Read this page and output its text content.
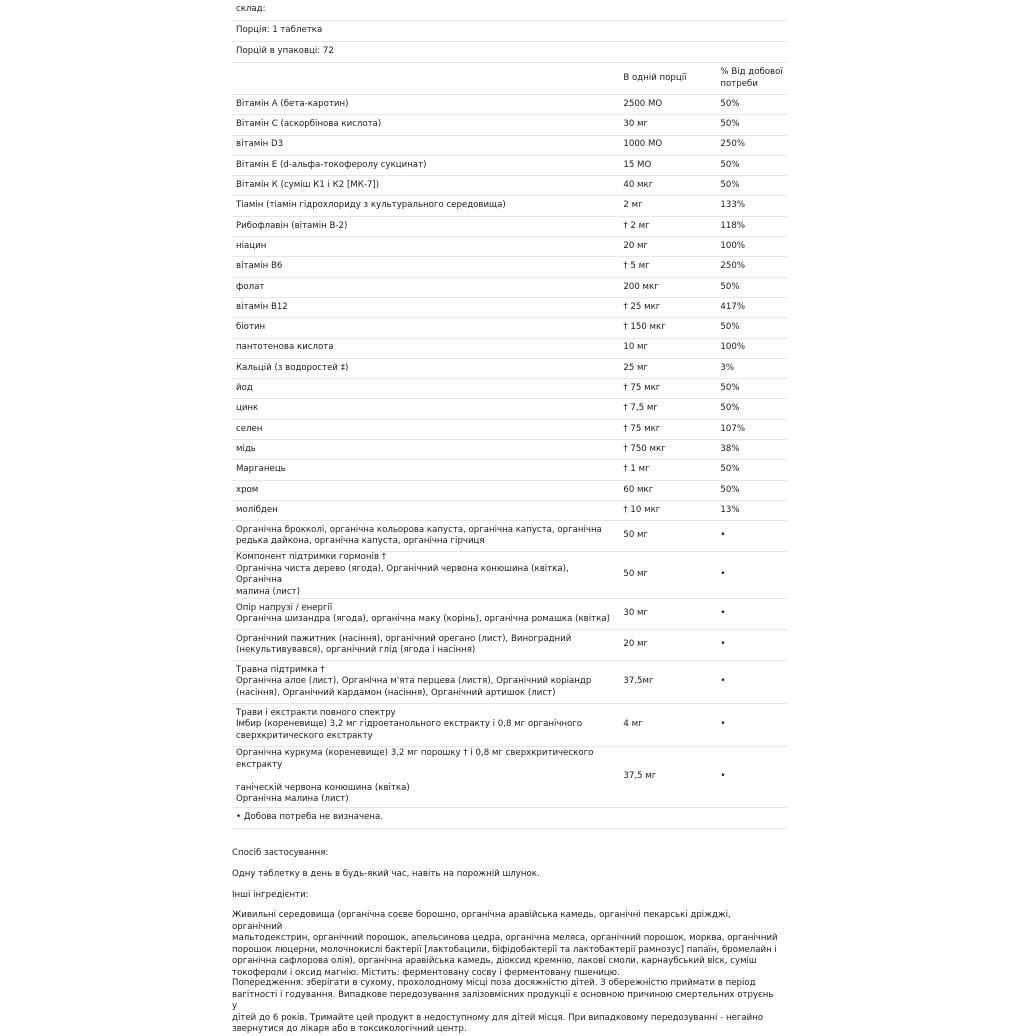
склад:		
Порція: 1 таблетка		
Порцій в упаковці: 72		
	В одній порції	% Від добової потреби
Вітамін А (бета-каротин)	2500 МО	50%
Вітамін С (аскорбінова кислота)	30 мг	50%
вітамін D3	1000 МО	250%
Вітамін Е (d-альфа-токоферолу сукцинат)	15 МО	50%
Вітамін К (суміш К1 і К2 [МК-7])	40 мкг	50%
Тіамін (тіамін гідрохлориду з культурального середовища)	2 мг	133%
Рибофлавін (вітамін В-2)	† 2 мг	118%
ніацин	20 мг	100%
вітамін В6	† 5 мг	250%
фолат	200 мкг	50%
вітамін В12	† 25 мкг	417%
біотин	† 150 мкг	50%
пантотенова кислота	10 мг	100%
Кальцій (з водоростей ‡)	25 мг	3%
йод	† 75 мкг	50%
цинк	† 7,5 мг	50%
селен	† 75 мкг	107%
мідь	† 750 мкг	38%
Марганець	† 1 мг	50%
хром	60 мкг	50%
молібден	† 10 мкг	13%

Органічна брокколі, органічна кольорова капуста, органічна капуста, органічна
редька дайкона, органічна капуста, органічна гірчиця	50 мг	•

Компонент підтримки гормонів †
Органічна чиста дерево (ягода), Органічний червона конюшина (квітка), Органічна
малина (лист)	50 мг	•

Опір напрузі / енергії
Органічна шизандра (ягода), органічна маку (корінь), органічна ромашка (квітка)	30 мг	•

Органічний пажитник (насіння), органічний орегано (лист), Виноградний
(некультивувався), органічний глід (ягода і насіння)	20 мг	•

Травна підтримка †
Органічна алое (лист), Органічна м'ята перцева (листя), Органічний коріандр
(насіння), Органічний кардамон (насіння), Органічний артишок (лист)	37,5мг	•

Трави і екстракти повного спектру
Імбир (кореневище) 3,2 мг гідроетанольного екстракту і 0,8 мг органічного
сверхкритического екстракту	4 мг	•

Органічна куркума (кореневище) 3,2 мг порошку † і 0,8 мг сверхкритического
екстракту
ганіческій червона конюшина (квітка)
Органічна малина (лист)	37,5 мг	•
• Добова потреба не визначена.		
Спосіб застосування:
Одну таблетку в день в будь-який час, навіть на порожній шлунок.
Інші інгредієнти:
Живильні середовища (органічна соєве борошно, органічна аравійська камедь, органічні пекарські дріжджі, органічний
мальтодекстрин, органічний порошок, апельсинова цедра, органічна меляса, органічний порошок, морква, органічний
порошок люцерни, молочнокислі бактерії [лактобацили, біфідобактерії та лактобактерії рамнозус] папаїн, бромелайн і
органічна сафлорова олія), органічна аравійська камедь, діоксид кремнію, лакові смоли, карнаубський віск, суміш
токофероли і оксид магнію. Містить: ферментовану сосву і ферментовану пшеницю.
Попередження: зберігати в сухому, прохолодному місці поза досяжністю дітей. З обережністю приймати в період
вагітності і годування. Випадкове передозування залізовмісних продукції є основною причиною смертельних отруєнь у
дітей до 6 років. Тримайте цей продукт в недоступному для дітей місця. При випадковому передозуванні - негайно
звернутися до лікаря або в токсикологічний центр.
